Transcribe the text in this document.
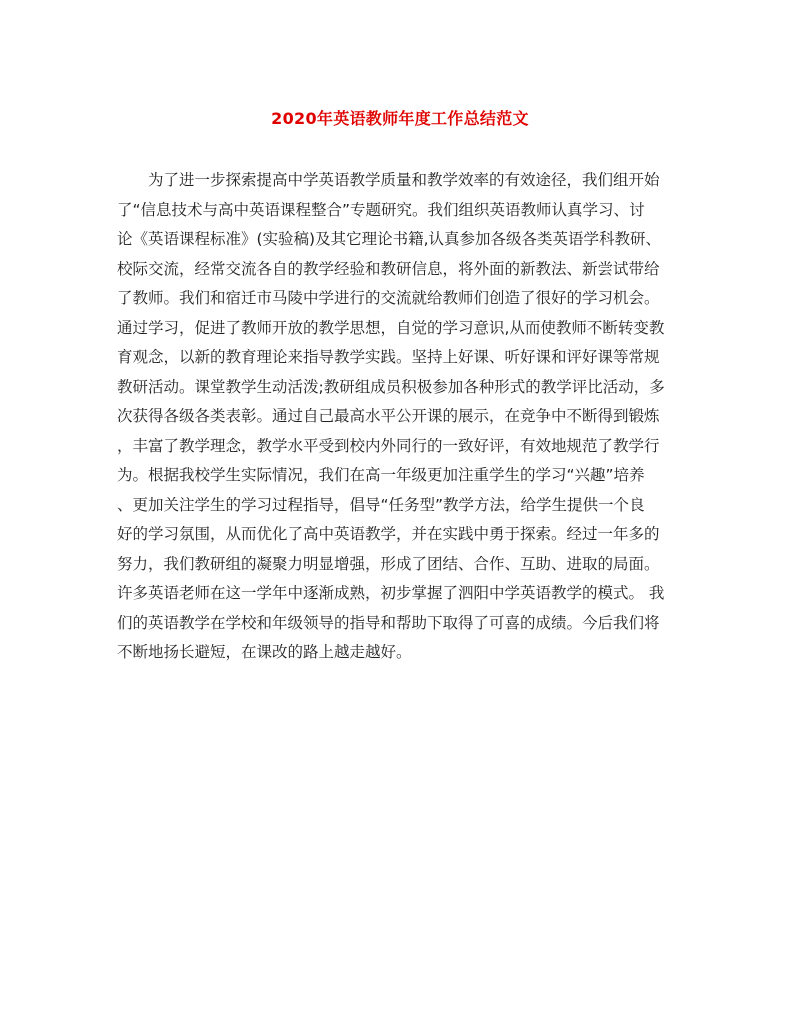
2020年英语教师年度工作总结范文
为了进一步探索提高中学英语教学质量和教学效率的有效途径，我们组开始
了“信息技术与高中英语课程整合”专题研究。我们组织英语教师认真学习、讨
论《英语课程标准》(实验稿)及其它理论书籍,认真参加各级各类英语学科教研、
校际交流，经常交流各自的教学经验和教研信息，将外面的新教法、新尝试带给
了教师。我们和宿迁市马陵中学进行的交流就给教师们创造了很好的学习机会。
通过学习，促进了教师开放的教学思想，自觉的学习意识,从而使教师不断转变教
育观念，以新的教育理论来指导教学实践。坚持上好课、听好课和评好课等常规
教研活动。课堂教学生动活泼;教研组成员积极参加各种形式的教学评比活动，多
次获得各级各类表彰。通过自己最高水平公开课的展示，在竞争中不断得到锻炼
，丰富了教学理念，教学水平受到校内外同行的一致好评，有效地规范了教学行
为。根据我校学生实际情况，我们在高一年级更加注重学生的学习“兴趣”培养
、更加关注学生的学习过程指导，倡导“任务型”教学方法，给学生提供一个良
好的学习氛围，从而优化了高中英语教学，并在实践中勇于探索。经过一年多的
努力，我们教研组的凝聚力明显增强，形成了团结、合作、互助、进取的局面。
许多英语老师在这一学年中逐渐成熟，初步掌握了泗阳中学英语教学的模式。 我
们的英语教学在学校和年级领导的指导和帮助下取得了可喜的成绩。今后我们将
不断地扬长避短，在课改的路上越走越好。
